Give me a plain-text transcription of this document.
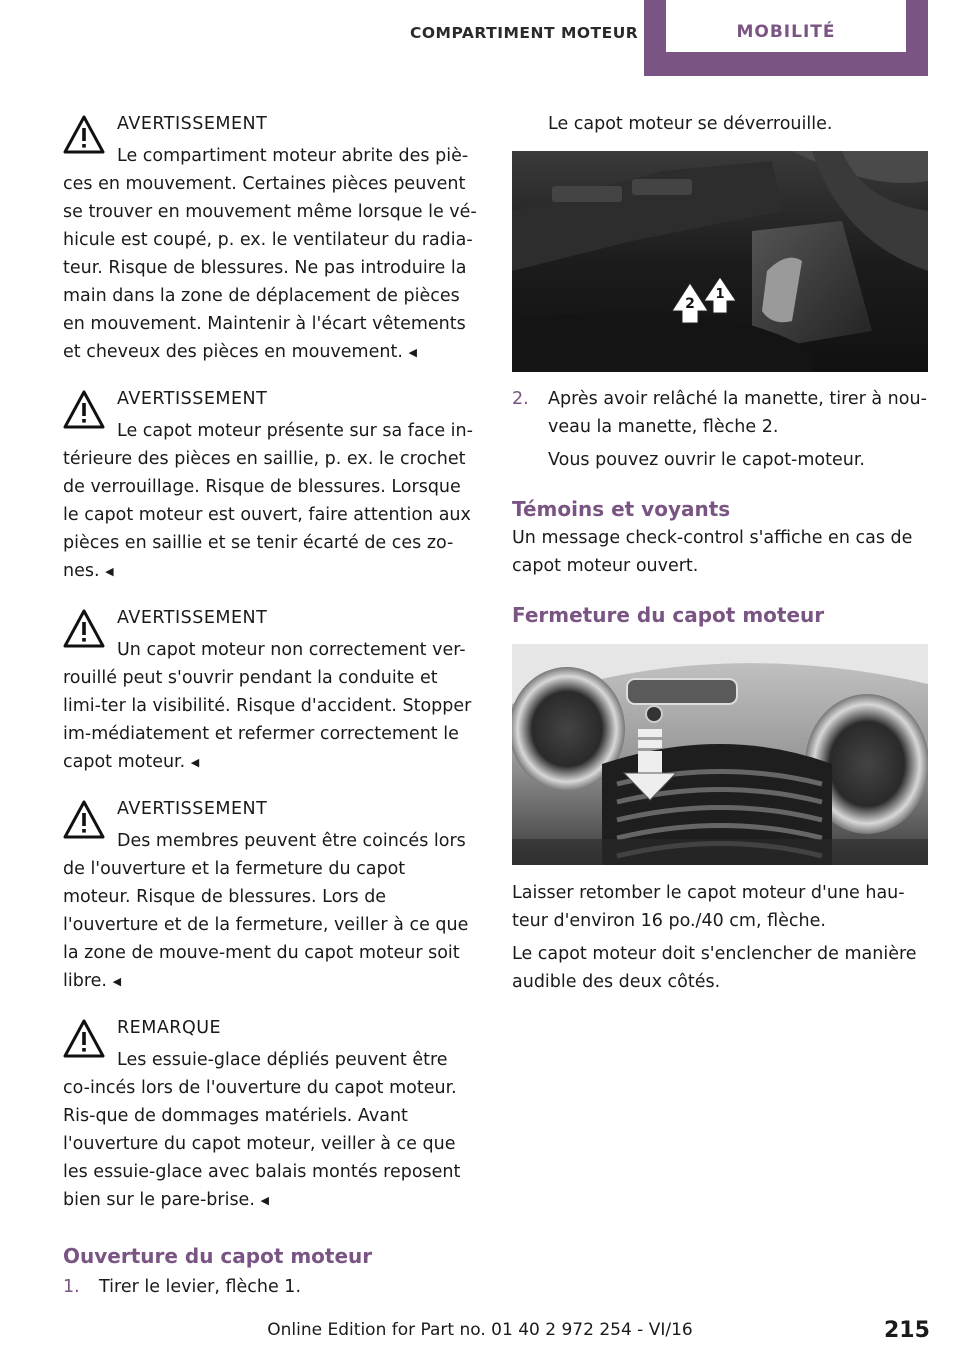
COMPARTIMENT MOTEUR	MOBILITÉ
AVERTISSEMENT
Le compartiment moteur abrite des piè-ces en mouvement. Certaines pièces peuvent se trouver en mouvement même lorsque le vé-hicule est coupé, p. ex. le ventilateur du radia-teur. Risque de blessures. Ne pas introduire la main dans la zone de déplacement de pièces en mouvement. Maintenir à l'écart vêtements et cheveux des pièces en mouvement. ◀
AVERTISSEMENT
Le capot moteur présente sur sa face in-térieure des pièces en saillie, p. ex. le crochet de verrouillage. Risque de blessures. Lorsque le capot moteur est ouvert, faire attention aux pièces en saillie et se tenir écarté de ces zo-nes. ◀
AVERTISSEMENT
Un capot moteur non correctement ver-rouillé peut s'ouvrir pendant la conduite et limi-ter la visibilité. Risque d'accident. Stopper im-médiatement et refermer correctement le capot moteur. ◀
AVERTISSEMENT
Des membres peuvent être coincés lors de l'ouverture et la fermeture du capot moteur. Risque de blessures. Lors de l'ouverture et de la fermeture, veiller à ce que la zone de mouve-ment du capot moteur soit libre. ◀
REMARQUE
Les essuie-glace dépliés peuvent être co-incés lors de l'ouverture du capot moteur. Ris-que de dommages matériels. Avant l'ouverture du capot moteur, veiller à ce que les essuie-glace avec balais montés reposent bien sur le pare-brise. ◀
Ouverture du capot moteur
1. Tirer le levier, flèche 1.

Le capot moteur se déverrouille.

2
1
2. Après avoir relâché la manette, tirer à nou-veau la manette, flèche 2.

Vous pouvez ouvrir le capot-moteur.

Témoins et voyants

Un message check-control s'affiche en cas de capot moteur ouvert.

Fermeture du capot moteur

Laisser retomber le capot moteur d'une hau-teur d'environ 16 po./40 cm, flèche.

Le capot moteur doit s'enclencher de manière audible des deux côtés.

215
Online Edition for Part no. 01 40 2 972 254 - VI/16
